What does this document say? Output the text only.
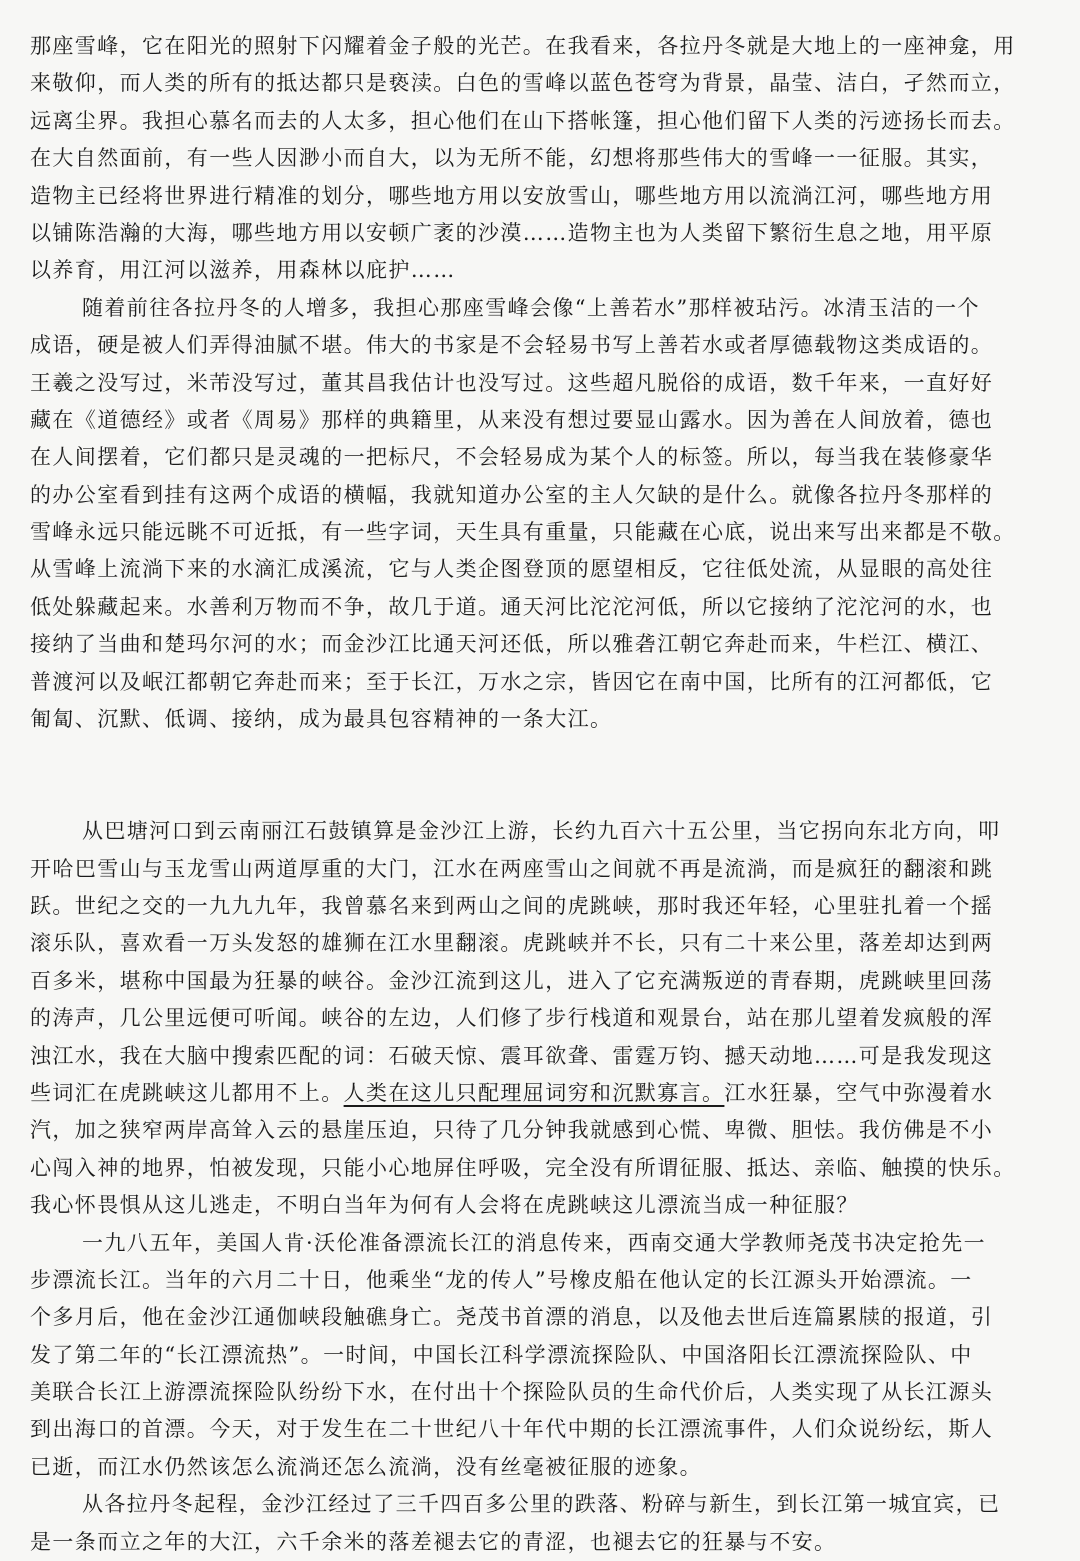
那座雪峰，它在阳光的照射下闪耀着金子般的光芒。在我看来，各拉丹冬就是大地上的一座神龛，用
来敬仰，而人类的所有的抵达都只是亵渎。白色的雪峰以蓝色苍穹为背景，晶莹、洁白，孑然而立，
远离尘界。我担心慕名而去的人太多，担心他们在山下搭帐篷，担心他们留下人类的污迹扬长而去。
在大自然面前，有一些人因渺小而自大，以为无所不能，幻想将那些伟大的雪峰一一征服。其实，
造物主已经将世界进行精准的划分，哪些地方用以安放雪山，哪些地方用以流淌江河，哪些地方用
以铺陈浩瀚的大海，哪些地方用以安顿广袤的沙漠……造物主也为人类留下繁衍生息之地，用平原
以养育，用江河以滋养，用森林以庇护……
随着前往各拉丹冬的人增多，我担心那座雪峰会像“上善若水”那样被玷污。冰清玉洁的一个
成语，硬是被人们弄得油腻不堪。伟大的书家是不会轻易书写上善若水或者厚德载物这类成语的。
王羲之没写过，米芾没写过，董其昌我估计也没写过。这些超凡脱俗的成语，数千年来，一直好好
藏在《道德经》或者《周易》那样的典籍里，从来没有想过要显山露水。因为善在人间放着，德也
在人间摆着，它们都只是灵魂的一把标尺，不会轻易成为某个人的标签。所以，每当我在装修豪华
的办公室看到挂有这两个成语的横幅，我就知道办公室的主人欠缺的是什么。就像各拉丹冬那样的
雪峰永远只能远眺不可近抵，有一些字词，天生具有重量，只能藏在心底，说出来写出来都是不敬。
从雪峰上流淌下来的水滴汇成溪流，它与人类企图登顶的愿望相反，它往低处流，从显眼的高处往
低处躲藏起来。水善利万物而不争，故几于道。通天河比沱沱河低，所以它接纳了沱沱河的水，也
接纳了当曲和楚玛尔河的水；而金沙江比通天河还低，所以雅砻江朝它奔赴而来，牛栏江、横江、
普渡河以及岷江都朝它奔赴而来；至于长江，万水之宗，皆因它在南中国，比所有的江河都低，它
匍匐、沉默、低调、接纳，成为最具包容精神的一条大江。
从巴塘河口到云南丽江石鼓镇算是金沙江上游，长约九百六十五公里，当它拐向东北方向，叩
开哈巴雪山与玉龙雪山两道厚重的大门，江水在两座雪山之间就不再是流淌，而是疯狂的翻滚和跳
跃。世纪之交的一九九九年，我曾慕名来到两山之间的虎跳峡，那时我还年轻，心里驻扎着一个摇
滚乐队，喜欢看一万头发怒的雄狮在江水里翻滚。虎跳峡并不长，只有二十来公里，落差却达到两
百多米，堪称中国最为狂暴的峡谷。金沙江流到这儿，进入了它充满叛逆的青春期，虎跳峡里回荡
的涛声，几公里远便可听闻。峡谷的左边，人们修了步行栈道和观景台，站在那儿望着发疯般的浑
浊江水，我在大脑中搜索匹配的词：石破天惊、震耳欲聋、雷霆万钧、撼天动地……可是我发现这
些词汇在虎跳峡这儿都用不上。人类在这儿只配理屈词穷和沉默寡言。江水狂暴，空气中弥漫着水
汽，加之狭窄两岸高耸入云的悬崖压迫，只待了几分钟我就感到心慌、卑微、胆怯。我仿佛是不小
心闯入神的地界，怕被发现，只能小心地屏住呼吸，完全没有所谓征服、抵达、亲临、触摸的快乐。
我心怀畏惧从这儿逃走，不明白当年为何有人会将在虎跳峡这儿漂流当成一种征服？
一九八五年，美国人肯·沃伦准备漂流长江的消息传来，西南交通大学教师尧茂书决定抢先一
步漂流长江。当年的六月二十日，他乘坐“龙的传人”号橡皮船在他认定的长江源头开始漂流。一
个多月后，他在金沙江通伽峡段触礁身亡。尧茂书首漂的消息，以及他去世后连篇累牍的报道，引
发了第二年的“长江漂流热”。一时间，中国长江科学漂流探险队、中国洛阳长江漂流探险队、中
美联合长江上游漂流探险队纷纷下水，在付出十个探险队员的生命代价后，人类实现了从长江源头
到出海口的首漂。今天，对于发生在二十世纪八十年代中期的长江漂流事件，人们众说纷纭，斯人
已逝，而江水仍然该怎么流淌还怎么流淌，没有丝毫被征服的迹象。
从各拉丹冬起程，金沙江经过了三千四百多公里的跌落、粉碎与新生，到长江第一城宜宾，已
是一条而立之年的大江，六千余米的落差褪去它的青涩，也褪去它的狂暴与不安。
